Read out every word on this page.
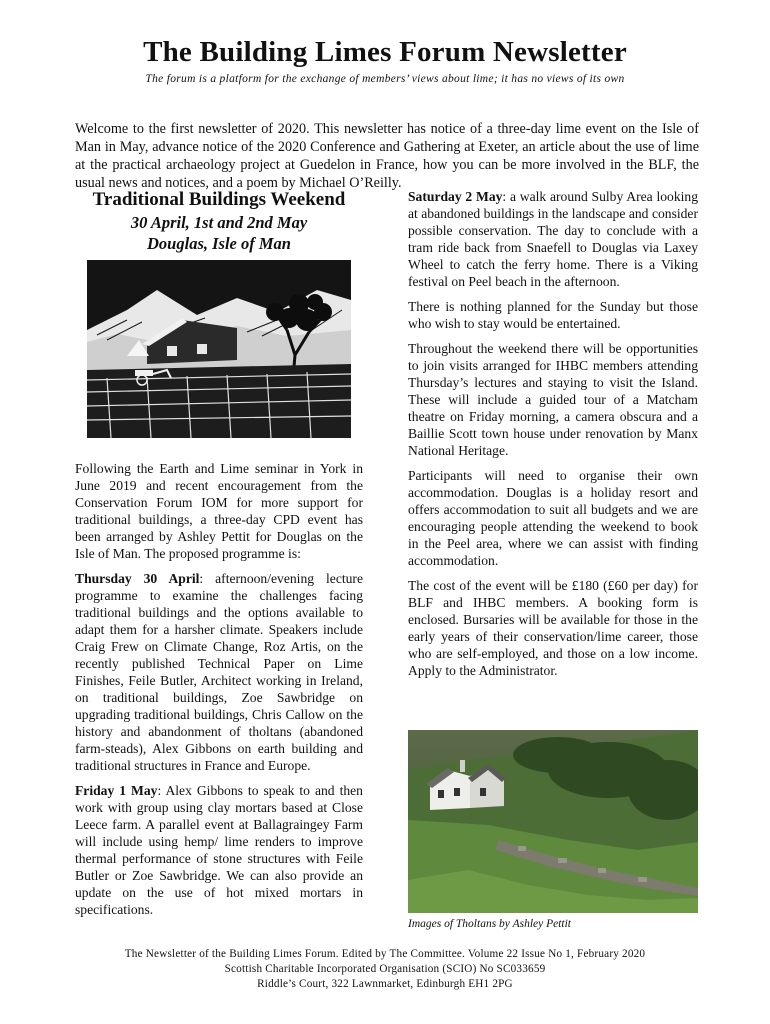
The Building Limes Forum Newsletter

The forum is a platform for the exchange of members’ views about lime; it has no views of its own

Welcome to the first newsletter of 2020. This newsletter has notice of a three-day lime event on the Isle of Man in May, advance notice of the 2020 Conference and Gathering at Exeter, an article about the use of lime at the practical archaeology project at Guedelon in France, how you can be more involved in the BLF, the usual news and notices, and a poem by Michael O’Reilly.

Traditional Buildings Weekend

30 April, 1st and 2nd May

Douglas, Isle of Man

Following the Earth and Lime seminar in York in June 2019 and recent encouragement from the Conservation Forum IOM for more support for traditional buildings, a three-day CPD event has been arranged by Ashley Pettit for Douglas on the Isle of Man. The proposed programme is:

Thursday 30 April: afternoon/evening lecture programme to examine the challenges facing traditional buildings and the options available to adapt them for a harsher climate. Speakers include Craig Frew on Climate Change, Roz Artis, on the recently published Technical Paper on Lime Finishes, Feile Butler, Architect working in Ireland, on traditional buildings, Zoe Sawbridge on upgrading traditional buildings, Chris Callow on the history and abandonment of tholtans (abandoned farm-steads), Alex Gibbons on earth building and traditional structures in France and Europe.

Friday 1 May: Alex Gibbons to speak to and then work with group using clay mortars based at Close Leece farm. A parallel event at Ballagraingey Farm will include using hemp/ lime renders to improve thermal performance of stone structures with Feile Butler or Zoe Sawbridge. We can also provide an update on the use of hot mixed mortars in specifications.

Saturday 2 May: a walk around Sulby Area looking at abandoned buildings in the landscape and consider possible conservation. The day to conclude with a tram ride back from Snaefell to Douglas via Laxey Wheel to catch the ferry home. There is a Viking festival on Peel beach in the afternoon.

There is nothing planned for the Sunday but those who wish to stay would be entertained.

Throughout the weekend there will be opportunities to join visits arranged for IHBC members attending Thursday’s lectures and staying to visit the Island. These will include a guided tour of a Matcham theatre on Friday morning, a camera obscura and a Baillie Scott town house under renovation by Manx National Heritage.

Participants will need to organise their own accommodation. Douglas is a holiday resort and offers accommodation to suit all budgets and we are encouraging people attending the weekend to book in the Peel area, where we can assist with finding accommodation.

The cost of the event will be £180 (£60 per day) for BLF and IHBC members. A booking form is enclosed. Bursaries will be available for those in the early years of their conservation/lime career, those who are self-employed, and those on a low income. Apply to the Administrator.

Images of Tholtans by Ashley Pettit
The Newsletter of the Building Limes Forum. Edited by The Committee. Volume 22 Issue No 1, February 2020
Scottish Charitable Incorporated Organisation (SCIO) No SC033659
Riddle’s Court, 322 Lawnmarket, Edinburgh EH1 2PG
